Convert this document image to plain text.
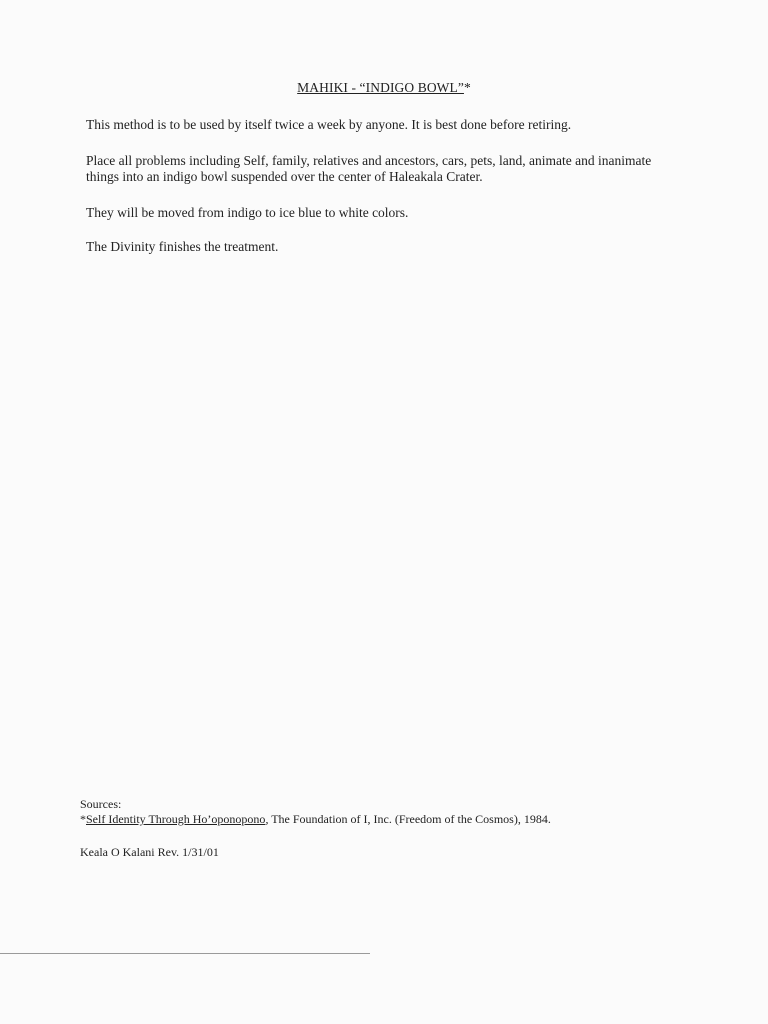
MAHIKI - “INDIGO BOWL”*

This method is to be used by itself twice a week by anyone. It is best done before retiring.

Place all problems including Self, family, relatives and ancestors, cars, pets, land, animate and inanimate things into an indigo bowl suspended over the center of Haleakala Crater.

They will be moved from indigo to ice blue to white colors.

The Divinity finishes the treatment.

Sources:
*Self Identity Through Ho’oponopono, The Foundation of I, Inc. (Freedom of the Cosmos), 1984.
Keala O Kalani Rev. 1/31/01
